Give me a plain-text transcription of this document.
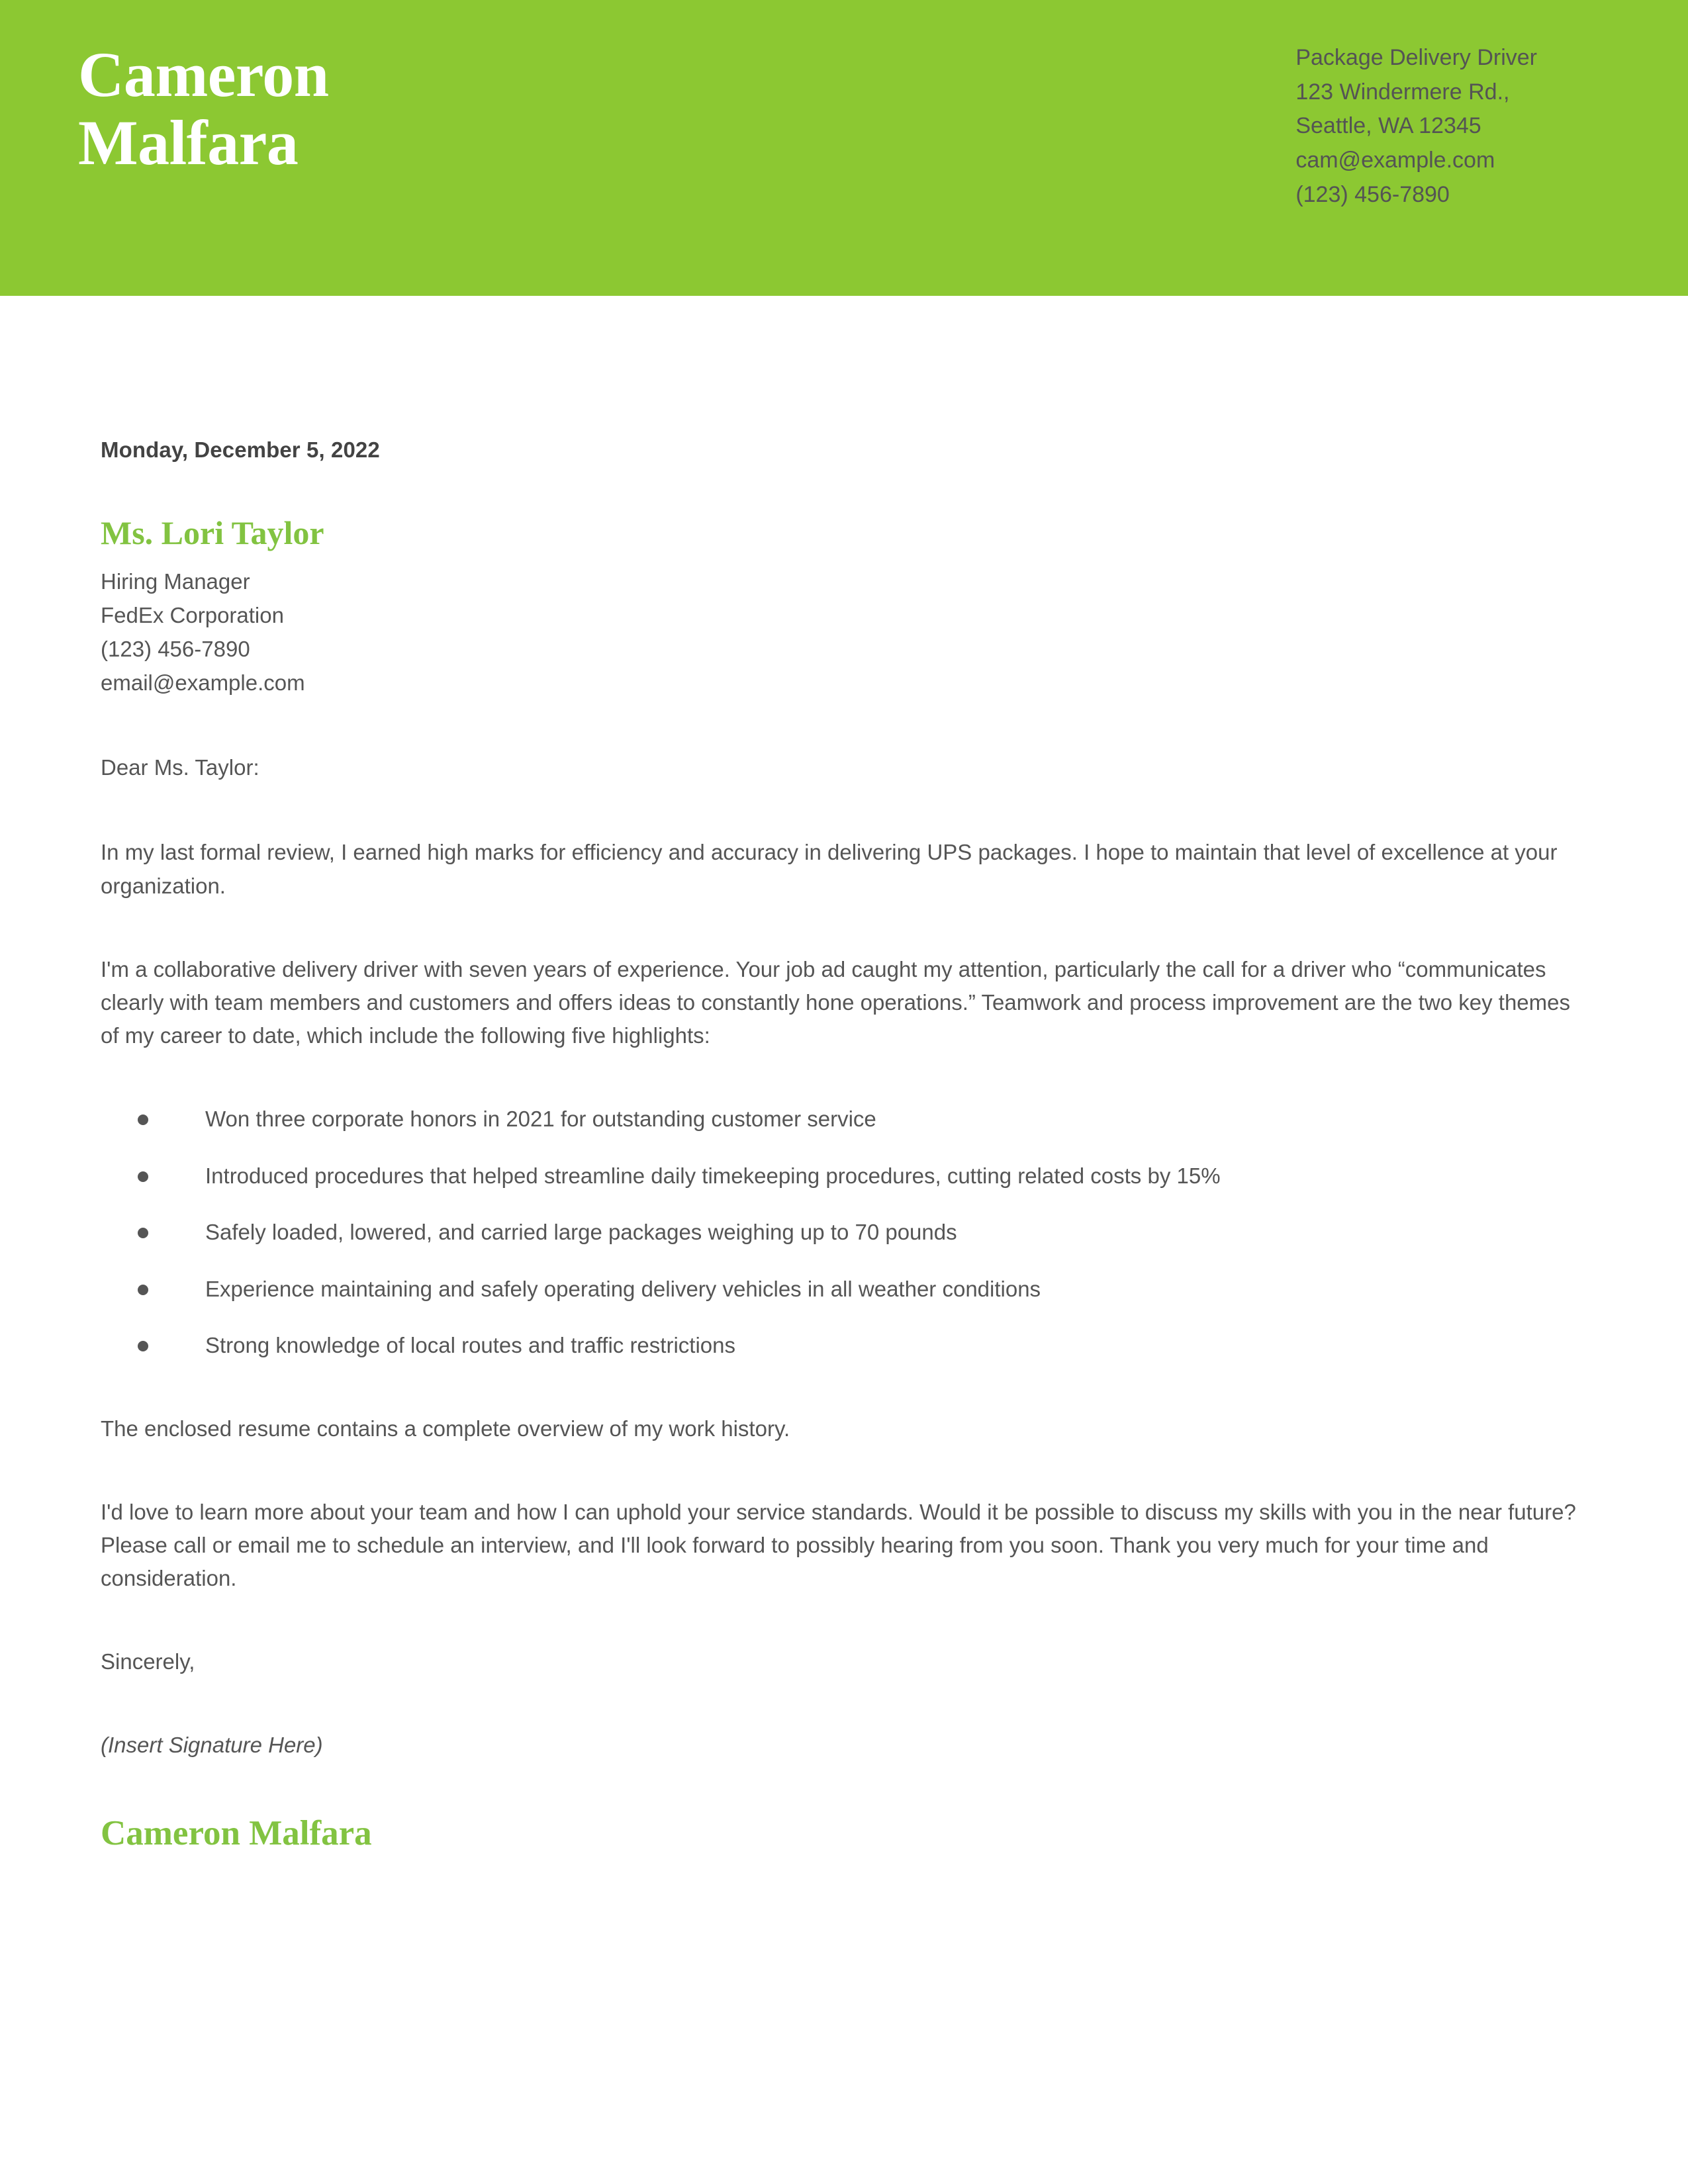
Cameron
Malfara
Package Delivery Driver
123 Windermere Rd.,
Seattle, WA 12345
cam@example.com
(123) 456-7890
Monday, December 5, 2022
Ms. Lori Taylor
Hiring Manager
FedEx Corporation
(123) 456-7890
email@example.com

Dear Ms. Taylor:

In my last formal review, I earned high marks for efficiency and accuracy in delivering UPS packages. I hope to maintain that level of excellence at your organization.

I'm a collaborative delivery driver with seven years of experience. Your job ad caught my attention, particularly the call for a driver who “communicates clearly with team members and customers and offers ideas to constantly hone operations.” Teamwork and process improvement are the two key themes of my career to date, which include the following five highlights:

Won three corporate honors in 2021 for outstanding customer service
Introduced procedures that helped streamline daily timekeeping procedures, cutting related costs by 15%
Safely loaded, lowered, and carried large packages weighing up to 70 pounds
Experience maintaining and safely operating delivery vehicles in all weather conditions
Strong knowledge of local routes and traffic restrictions

The enclosed resume contains a complete overview of my work history.

I'd love to learn more about your team and how I can uphold your service standards. Would it be possible to discuss my skills with you in the near future? Please call or email me to schedule an interview, and I'll look forward to possibly hearing from you soon. Thank you very much for your time and consideration.

Sincerely,

(Insert Signature Here)

Cameron Malfara
